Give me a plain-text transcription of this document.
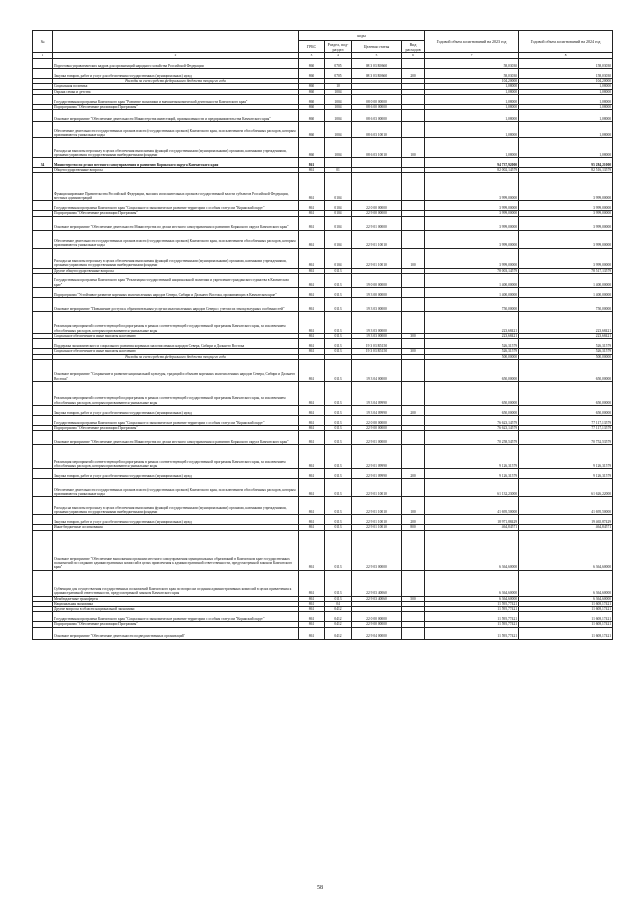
№		коды				Годовой объем ассигнований на 2023 год	Годовой объем ассигнований на 2024 год
		ГРБС	Раздел, под-раздел	Целевая статья	Вид расходов		
1	2	3	4	5	6	7	8
	Подготовка управленческих кадров для организаций народного хозяйства Российской Федерации	860	0705	08 3 03 R0660		58,03030	158,03030
	Закупка товаров, работ и услуг для обеспечения государственных (муниципальных) нужд	860	0705	08 3 03 R0660	200	58,03030	158,03030
	Расходы за счет средств федерального бюджета текущего года					104,20000	104,20000
	Социальная политика	860	10			1,08000	1,08000
	Охрана семьи и детства	860	1004			1,08000	1,08000
	Государственная программа Камчатского края "Развитие экономики и внешнеэкономической деятельности Камчатского края"	860	1004	08 0 00 00000		1,08000	1,08000
	Подпрограмма "Обеспечение реализации Программы"	860	1004	08 6 00 00000		1,08000	1,08000
	Основное мероприятие "Обеспечение деятельности Министерства инвестиций, промышленности и предпринимательства Камчатского края"	860	1004	08 6 03 00000		1,08000	1,08000
	Обеспечение деятельности государственных органов власти (государственных органов) Камчатского края, за исключением обособленных расходов, которым присваиваются уникальные коды	860	1004	08 6 03 10010		1,08000	1,08000
	Расходы на выплаты персоналу в целях обеспечения выполнения функций государственными (муниципальными) органами, казенными учреждениями, органами управления государственными внебюджетными фондами	860	1004	08 6 03 10010	100	1,08000	1,08000
34	Министерство по делам местного самоуправления и развитию Корякского округа Камчатского края	861				94 737,92000	95 284,21000
	Общегосударственные вопросы	861	01			82 002,14579	82 516,13579
	Функционирование Правительства Российской Федерации, высших исполнительных органов государственной власти субъектов Российской Федерации, местных администраций	861	0104			3 999,00000	3 999,00000
	Государственная программа Камчатского края "Социальное и экономическое развитие территории с особым статусом "Корякский округ"	861	0104	22 0 00 00000		3 999,00000	3 999,00000
	Подпрограмма "Обеспечение реализации Программы"	861	0104	22 9 00 00000		3 999,00000	3 999,00000
	Основное мероприятие "Обеспечение деятельности Министерства по делам местного самоуправления и развитию Корякского округа Камчатского края"	861	0104	22 9 01 00000		3 999,00000	3 999,00000
	Обеспечение деятельности государственных органов власти (государственных органов) Камчатского края, за исключением обособленных расходов, которым присваиваются уникальные коды	861	0104	22 9 01 10010		3 999,00000	3 999,00000
	Расходы на выплаты персоналу в целях обеспечения выполнения функций государственными (муниципальными) органами, казенными учреждениями, органами управления государственными внебюджетными фондами	861	0104	22 9 01 10010	100	3 999,00000	3 999,00000
	Другие общегосударственные вопросы	861	0113			78 003,14579	78 517,13579
	Государственная программа Камчатского края "Реализация государственной национальной политики и укрепление гражданского единства в Камчатском крае"	861	0113	19 0 00 00000		1 400,00000	1 400,00000
	Подпрограмма "Устойчивое развитие коренных малочисленных народов Севера, Сибири и Дальнего Востока, проживающих в Камчатском крае"	861	0113	19 3 00 00000		1 400,00000	1 400,00000
	Основное мероприятие "Повышение доступа к образовательным услугам малочисленных народов Севера с учетом их этнокультурных особенностей"	861	0113	19 3 03 00000		750,00000	750,00000
	Реализация мероприятий соответствующей подпрограммы в рамках соответствующей государственной программы Камчатского края, за исключением обособленных расходов, которым присваиваются уникальные коды	861	0113	19 3 03 00000		223,68421	223,68421
	Социальное обеспечение и иные выплаты населению	861	0113	19 3 03 00000	300	223,68421	223,68421
	Поддержка экономического и социального развития коренных малочисленных народов Севера, Сибири и Дальнего Востока	861	0113	19 3 03 R5150		526,31579	526,31579
	Социальное обеспечение и иные выплаты населению	861	0113	19 3 03 R5150	300	526,31579	526,31579
	Расходы за счет средств федерального бюджета текущего года					500,00000	500,00000
	Основное мероприятие "Сохранение и развитие национальной культуры, традиций и обычаев коренных малочисленных народов Севера, Сибири и Дальнего Востока"	861	0113	19 3 04 00000		650,00000	650,00000
	Реализация мероприятий соответствующей подпрограммы в рамках соответствующей государственной программы Камчатского края, за исключением обособленных расходов, которым присваиваются уникальные коды	861	0113	19 3 04 09990		650,00000	650,00000
	Закупка товаров, работ и услуг для обеспечения государственных (муниципальных) нужд	861	0113	19 3 04 09990	200	650,00000	650,00000
	Государственная программа Камчатского края "Социальное и экономическое развитие территории с особым статусом "Корякский округ"	861	0113	22 0 00 00000		76 623,14579	77 117,13579
	Подпрограмма "Обеспечение реализации Программы"	861	0113	22 9 00 00000		76 623,14579	77 117,13579
	Основное мероприятие "Обеспечение деятельности Министерства по делам местного самоуправления и развитию Корякского округа Камчатского края"	861	0113	22 9 01 00000		70 258,54579	70 752,53579
	Реализация мероприятий соответствующей подпрограммы в рамках соответствующей государственной программы Камчатского края, за исключением обособленных расходов, которым присваиваются уникальные коды	861	0113	22 9 01 09990		9 126,31579	9 126,31579
	Закупка товаров, работ и услуг для обеспечения государственных (муниципальных) нужд	861	0113	22 9 01 09990	200	9 126,31579	9 126,31579
	Обеспечение деятельности государственных органов власти (государственных органов) Камчатского края, за исключением обособленных расходов, которым присваиваются уникальные коды	861	0113	22 9 01 10010		61 132,23000	61 626,22000
	Расходы на выплаты персоналу в целях обеспечения выполнения функций государственными (муниципальными) органами, казенными учреждениями, органами управления государственными внебюджетными фондами	861	0113	22 9 01 10010	100	41 695,50000	41 695,50000
	Закупка товаров, работ и услуг для обеспечения государственных (муниципальных) нужд	861	0113	22 9 01 10010	200	18 971,88429	19 465,87429
	Иные бюджетные ассигнования	861	0113	22 9 01 10010	800	464,84571	464,84571
	Основное мероприятие "Обеспечение выполнения органами местного самоуправления муниципальных образований в Камчатском крае государственных полномочий по созданию административных комиссий в целях привлечения к административной ответственности, предусмотренной законом Камчатского края"	861	0113	22 9 03 00000		6 364,60000	6 364,60000
	Субвенции для осуществления государственных полномочий Камчатского края по вопросам создания административных комиссий в целях привлечения к административной ответственности, предусмотренной законом Камчатского края	861	0113	22 9 03 40060		6 364,60000	6 364,60000
	Межбюджетные трансферты	861	0113	22 9 03 40060	500	6 364,60000	6 364,60000
	Национальная экономика	861	04			11 595,77421	11 608,17421
	Другие вопросы в области национальной экономики	861	0412			11 595,77421	11 608,17421
	Государственная программа Камчатского края "Социальное и экономическое развитие территории с особым статусом "Корякский округ"	861	0412	22 0 00 00000		11 595,77421	11 608,17421
	Подпрограмма "Обеспечение реализации Программы"	861	0412	22 9 00 00000		11 595,77421	11 608,17421
	Основное мероприятие "Обеспечение деятельности подведомственных организаций"	861	0412	22 9 04 00000		11 595,77421	11 608,17421
58
